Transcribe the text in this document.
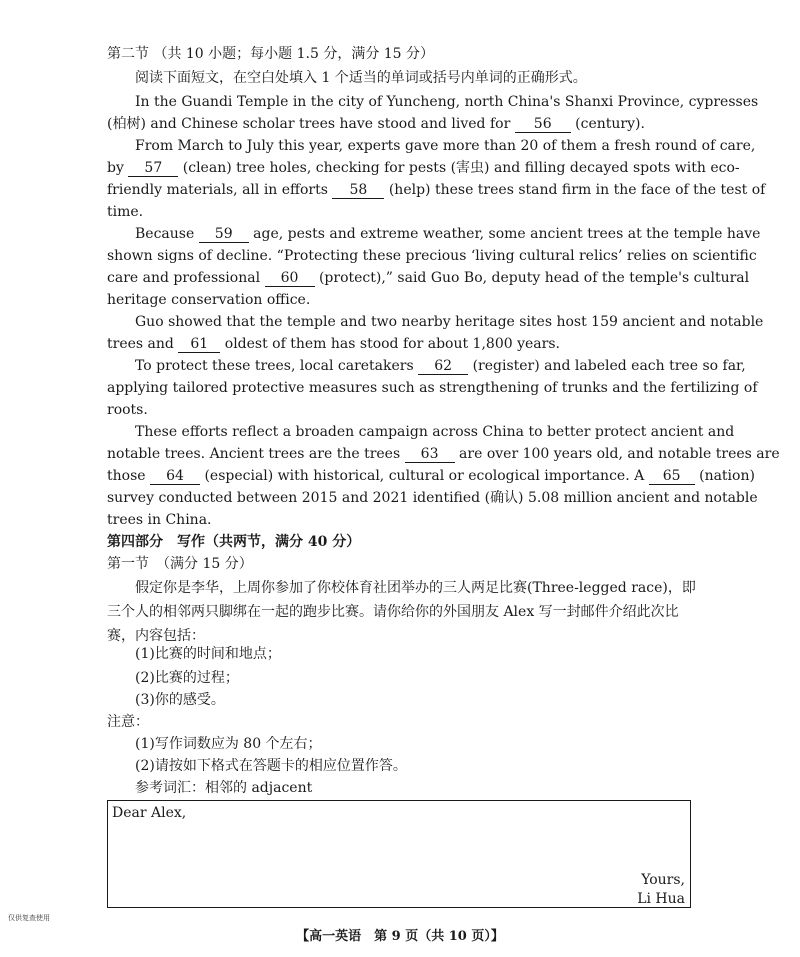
第二节 （共 10 小题；每小题 1.5 分，满分 15 分）
阅读下面短文，在空白处填入 1 个适当的单词或括号内单词的正确形式。
In the Guandi Temple in the city of Yuncheng, north China's Shanxi Province, cypresses
(柏树) and Chinese scholar trees have stood and lived for 56 (century).
From March to July this year, experts gave more than 20 of them a fresh round of care,
by 57 (clean) tree holes, checking for pests (害虫) and filling decayed spots with eco-
friendly materials, all in efforts 58 (help) these trees stand firm in the face of the test of
time.
Because 59 age, pests and extreme weather, some ancient trees at the temple have
shown signs of decline. “Protecting these precious ‘living cultural relics’ relies on scientific
care and professional 60 (protect),” said Guo Bo, deputy head of the temple's cultural
heritage conservation office.
Guo showed that the temple and two nearby heritage sites host 159 ancient and notable
trees and 61 oldest of them has stood for about 1,800 years.
To protect these trees, local caretakers 62 (register) and labeled each tree so far,
applying tailored protective measures such as strengthening of trunks and the fertilizing of
roots.
These efforts reflect a broaden campaign across China to better protect ancient and
notable trees. Ancient trees are the trees 63 are over 100 years old, and notable trees are
those 64 (especial) with historical, cultural or ecological importance. A 65 (nation)
survey conducted between 2015 and 2021 identified (确认) 5.08 million ancient and notable
trees in China.
第四部分　写作（共两节，满分 40 分）
第一节　（满分 15 分）
假定你是李华，上周你参加了你校体育社团举办的三人两足比赛(Three-legged race)，即
三个人的相邻两只脚绑在一起的跑步比赛。请你给你的外国朋友 Alex 写一封邮件介绍此次比
赛，内容包括：
(1)比赛的时间和地点；
(2)比赛的过程；
(3)你的感受。
注意：
(1)写作词数应为 80 个左右；
(2)请按如下格式在答题卡的相应位置作答。
参考词汇：相邻的 adjacent
Dear Alex,
Yours,
Li Hua
仅供复查使用
【高一英语　第 9 页（共 10 页）】
